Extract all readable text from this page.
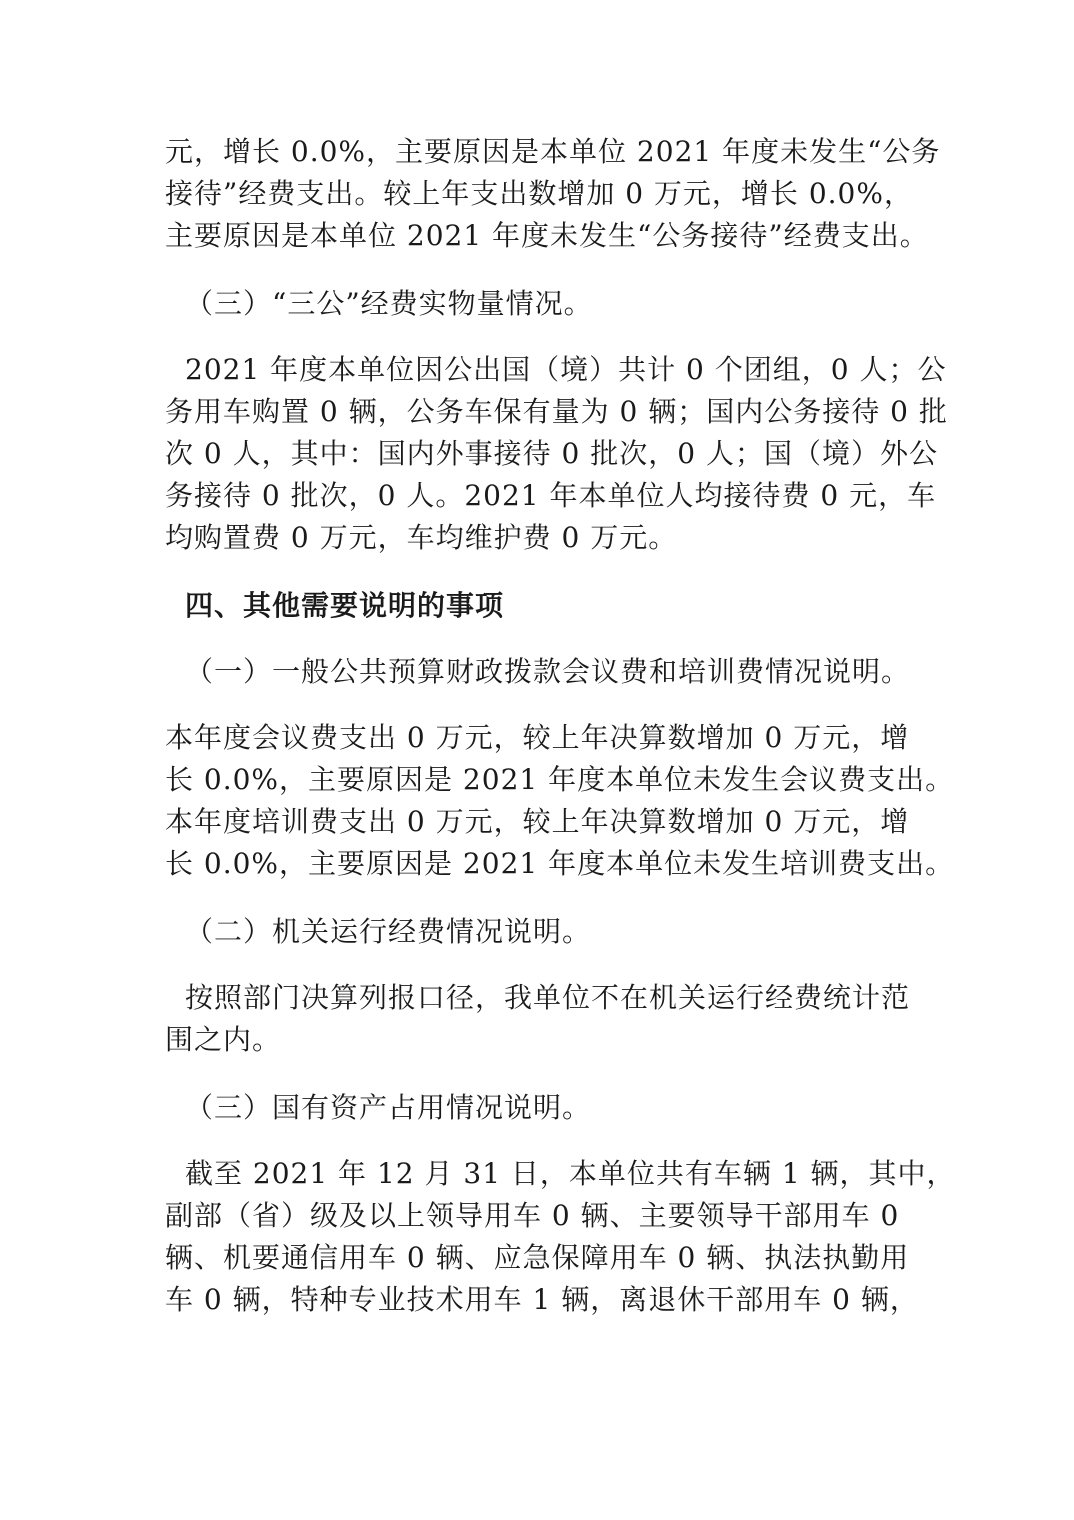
元，增长 0.0%，主要原因是本单位 2021 年度未发生“公务
接待”经费支出。较上年支出数增加 0 万元，增长 0.0%，
主要原因是本单位 2021 年度未发生“公务接待”经费支出。
（三）“三公”经费实物量情况。
2021 年度本单位因公出国（境）共计 0 个团组，0 人；公
务用车购置 0 辆，公务车保有量为 0 辆；国内公务接待 0 批
次 0 人，其中：国内外事接待 0 批次，0 人；国（境）外公
务接待 0 批次，0 人。2021 年本单位人均接待费 0 元，车
均购置费 0 万元，车均维护费 0 万元。
四、其他需要说明的事项
（一）一般公共预算财政拨款会议费和培训费情况说明。
本年度会议费支出 0 万元，较上年决算数增加 0 万元，增
长 0.0%，主要原因是 2021 年度本单位未发生会议费支出。
本年度培训费支出 0 万元，较上年决算数增加 0 万元，增
长 0.0%，主要原因是 2021 年度本单位未发生培训费支出。
（二）机关运行经费情况说明。
按照部门决算列报口径，我单位不在机关运行经费统计范
围之内。
（三）国有资产占用情况说明。
截至 2021 年 12 月 31 日，本单位共有车辆 1 辆，其中，
副部（省）级及以上领导用车 0 辆、主要领导干部用车 0
辆、机要通信用车 0 辆、应急保障用车 0 辆、执法执勤用
车 0 辆，特种专业技术用车 1 辆，离退休干部用车 0 辆，
